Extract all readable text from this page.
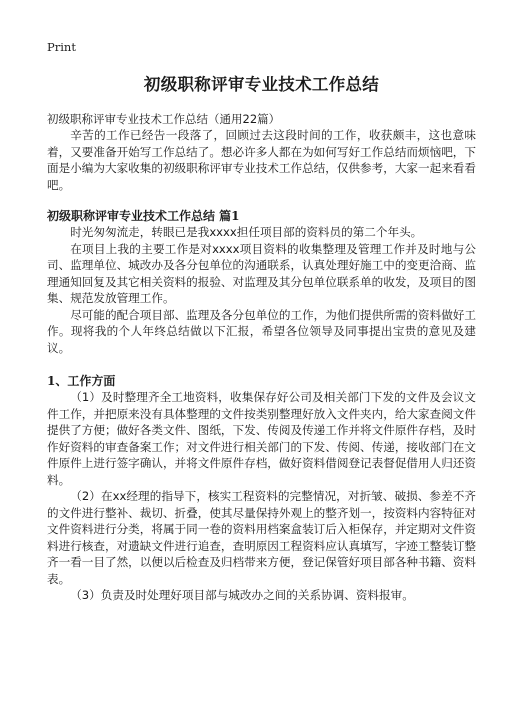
Print

初级职称评审专业技术工作总结

初级职称评审专业技术工作总结（通用22篇）

辛苦的工作已经告一段落了，回顾过去这段时间的工作，收获颇丰，这也意味着，又要准备开始写工作总结了。想必许多人都在为如何写好工作总结而烦恼吧，下面是小编为大家收集的初级职称评审专业技术工作总结，仅供参考，大家一起来看看吧。

初级职称评审专业技术工作总结 篇1

时光匆匆流走，转眼已是我xxxx担任项目部的资料员的第二个年头。

在项目上我的主要工作是对xxxx项目资料的收集整理及管理工作并及时地与公司、监理单位、城改办及各分包单位的沟通联系，认真处理好施工中的变更洽商、监理通知回复及其它相关资料的报验、对监理及其分包单位联系单的收发，及项目的图集、规范发放管理工作。

尽可能的配合项目部、监理及各分包单位的工作，为他们提供所需的资料做好工作。现将我的个人年终总结做以下汇报，希望各位领导及同事提出宝贵的意见及建议。

1、工作方面

（1）及时整理齐全工地资料，收集保存好公司及相关部门下发的文件及会议文件工作，并把原来没有具体整理的文件按类别整理好放入文件夹内，给大家查阅文件提供了方便；做好各类文件、图纸，下发、传阅及传递工作并将文件原件存档，及时作好资料的审查备案工作；对文件进行相关部门的下发、传阅、传递，接收部门在文件原件上进行签字确认，并将文件原件存档，做好资料借阅登记表督促借用人归还资料。

（2）在xx经理的指导下，核实工程资料的完整情况，对折皱、破损、参差不齐的文件进行整补、裁切、折叠，使其尽量保持外观上的整齐划一，按资料内容特征对文件资料进行分类，将属于同一卷的资料用档案盒装订后入柜保存，并定期对文件资料进行核查，对遗缺文件进行追查，查明原因工程资料应认真填写，字迹工整装订整齐一看一目了然，以便以后检查及归档带来方便，登记保管好项目部各种书籍、资料表。

（3）负责及时处理好项目部与城改办之间的关系协调、资料报审。
